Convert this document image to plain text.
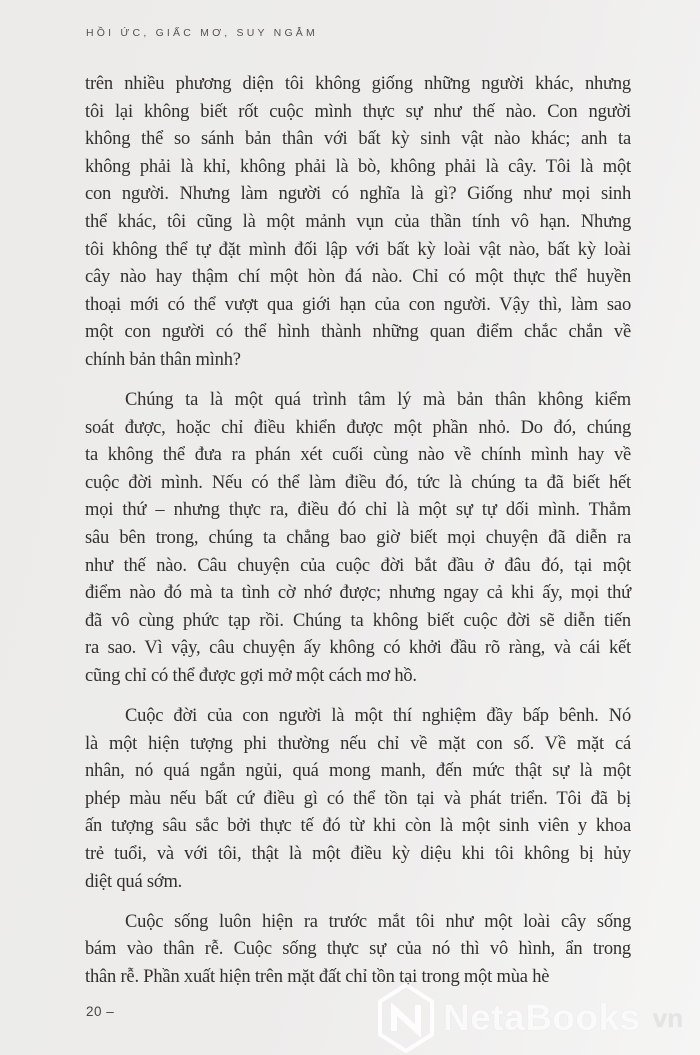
HỒI ỨC, GIẤC MƠ, SUY NGẪM
trên nhiều phương diện tôi không giống những người khác, nhưng
tôi lại không biết rốt cuộc mình thực sự như thế nào. Con người
không thể so sánh bản thân với bất kỳ sinh vật nào khác; anh ta
không phải là khỉ, không phải là bò, không phải là cây. Tôi là một
con người. Nhưng làm người có nghĩa là gì? Giống như mọi sinh
thể khác, tôi cũng là một mảnh vụn của thần tính vô hạn. Nhưng
tôi không thể tự đặt mình đối lập với bất kỳ loài vật nào, bất kỳ loài
cây nào hay thậm chí một hòn đá nào. Chỉ có một thực thể huyền
thoại mới có thể vượt qua giới hạn của con người. Vậy thì, làm sao
một con người có thể hình thành những quan điểm chắc chắn về
chính bản thân mình?
Chúng ta là một quá trình tâm lý mà bản thân không kiểm
soát được, hoặc chỉ điều khiển được một phần nhỏ. Do đó, chúng
ta không thể đưa ra phán xét cuối cùng nào về chính mình hay về
cuộc đời mình. Nếu có thể làm điều đó, tức là chúng ta đã biết hết
mọi thứ – nhưng thực ra, điều đó chỉ là một sự tự dối mình. Thẳm
sâu bên trong, chúng ta chẳng bao giờ biết mọi chuyện đã diễn ra
như thế nào. Câu chuyện của cuộc đời bắt đầu ở đâu đó, tại một
điểm nào đó mà ta tình cờ nhớ được; nhưng ngay cả khi ấy, mọi thứ
đã vô cùng phức tạp rồi. Chúng ta không biết cuộc đời sẽ diễn tiến
ra sao. Vì vậy, câu chuyện ấy không có khởi đầu rõ ràng, và cái kết
cũng chỉ có thể được gợi mở một cách mơ hồ.
Cuộc đời của con người là một thí nghiệm đầy bấp bênh. Nó
là một hiện tượng phi thường nếu chỉ về mặt con số. Về mặt cá
nhân, nó quá ngắn ngủi, quá mong manh, đến mức thật sự là một
phép màu nếu bất cứ điều gì có thể tồn tại và phát triển. Tôi đã bị
ấn tượng sâu sắc bởi thực tế đó từ khi còn là một sinh viên y khoa
trẻ tuổi, và với tôi, thật là một điều kỳ diệu khi tôi không bị hủy
diệt quá sớm.
Cuộc sống luôn hiện ra trước mắt tôi như một loài cây sống
bám vào thân rễ. Cuộc sống thực sự của nó thì vô hình, ẩn trong
thân rễ. Phần xuất hiện trên mặt đất chỉ tồn tại trong một mùa hè
20 –	NetaBooks vn
